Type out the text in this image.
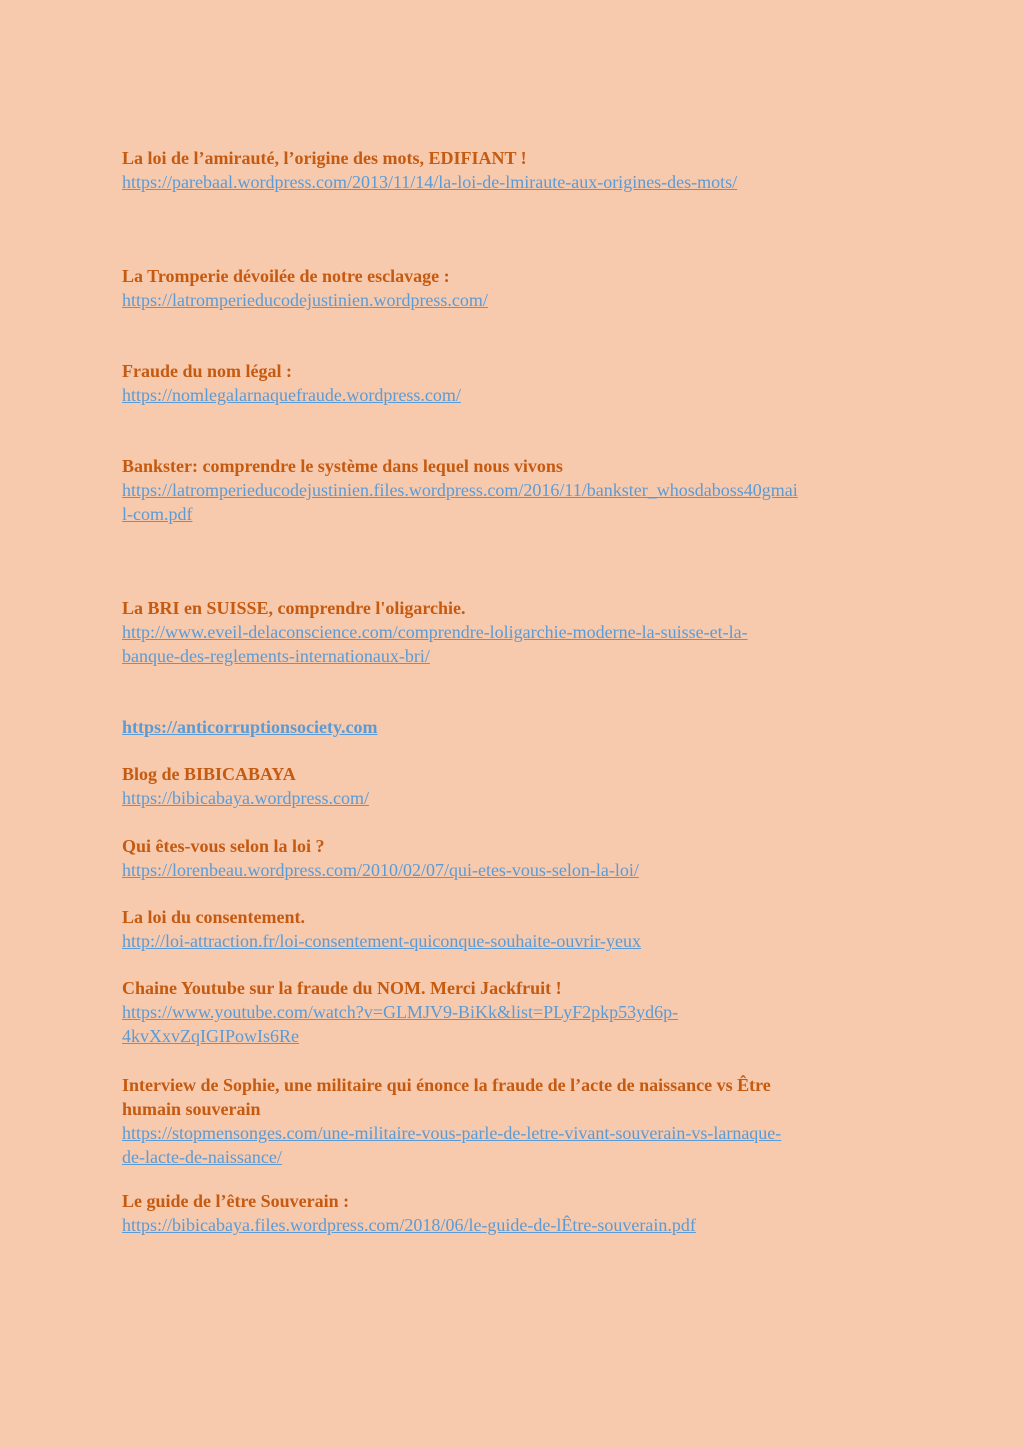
La loi de l’amirauté, l’origine des mots, EDIFIANT !

https://parebaal.wordpress.com/2013/11/14/la-loi-de-lmiraute-aux-origines-des-mots/

La Tromperie dévoilée de notre esclavage :

https://latromperieducodejustinien.wordpress.com/

Fraude du nom légal :

https://nomlegalarnaquefraude.wordpress.com/

Bankster: comprendre le système dans lequel nous vivons

https://latromperieducodejustinien.files.wordpress.com/2016/11/bankster_whosdaboss40gmai
l-com.pdf

La BRI en SUISSE, comprendre l'oligarchie.

http://www.eveil-delaconscience.com/comprendre-loligarchie-moderne-la-suisse-et-la-
banque-des-reglements-internationaux-bri/
https://anticorruptionsociety.com

Blog de BIBICABAYA

https://bibicabaya.wordpress.com/

Qui êtes-vous selon la loi ?

https://lorenbeau.wordpress.com/2010/02/07/qui-etes-vous-selon-la-loi/

La loi du consentement.

http://loi-attraction.fr/loi-consentement-quiconque-souhaite-ouvrir-yeux

Chaine Youtube sur la fraude du NOM. Merci Jackfruit !

https://www.youtube.com/watch?v=GLMJV9-BiKk&list=PLyF2pkp53yd6p-
4kvXxvZqIGIPowIs6Re

Interview de Sophie, une militaire qui énonce la fraude de l’acte de naissance vs Être
humain souverain

https://stopmensonges.com/une-militaire-vous-parle-de-letre-vivant-souverain-vs-larnaque-
de-lacte-de-naissance/

Le guide de l’être Souverain :

https://bibicabaya.files.wordpress.com/2018/06/le-guide-de-lÊtre-souverain.pdf
